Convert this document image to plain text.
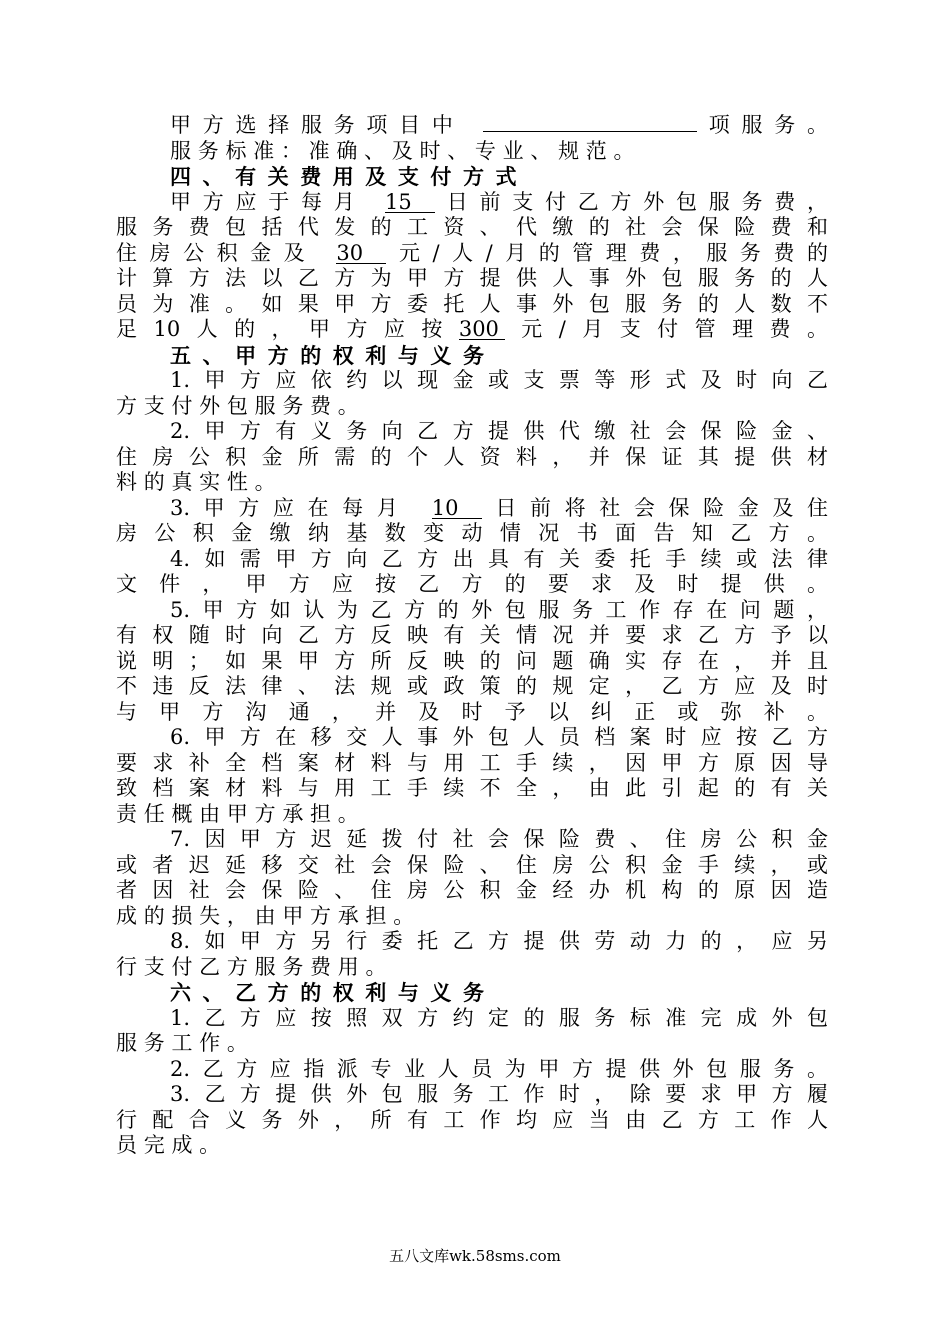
甲方选择服务项目中	项服务。
服务标准：准确、及时、专业、规范。
四、有关费用及支付方式
甲方应于每月 15 日前支付乙方外包服务费，
服务费包括代发的工资、代缴的社会保险费和
住房公积金及 30 元/人/月的管理费，服务费的
计算方法以乙方为甲方提供人事外包服务的人
员为准。如果甲方委托人事外包服务的人数不
足10人的，甲方应按300 元/月支付管理费。
五、甲方的权利与义务
1.甲方应依约以现金或支票等形式及时向乙
方支付外包服务费。
2.甲方有义务向乙方提供代缴社会保险金、
住房公积金所需的个人资料，并保证其提供材
料的真实性。
3.甲方应在每月 10 日前将社会保险金及住
房公积金缴纳基数变动情况书面告知乙方。
4.如需甲方向乙方出具有关委托手续或法律
文件，甲方应按乙方的要求及时提供。
5.甲方如认为乙方的外包服务工作存在问题，
有权随时向乙方反映有关情况并要求乙方予以
说明；如果甲方所反映的问题确实存在，并且
不违反法律、法规或政策的规定，乙方应及时
与甲方沟通，并及时予以纠正或弥补。
6.甲方在移交人事外包人员档案时应按乙方
要求补全档案材料与用工手续，因甲方原因导
致档案材料与用工手续不全，由此引起的有关
责任概由甲方承担。
7.因甲方迟延拨付社会保险费、住房公积金
或者迟延移交社会保险、住房公积金手续，或
者因社会保险、住房公积金经办机构的原因造
成的损失，由甲方承担。
8.如甲方另行委托乙方提供劳动力的，应另
行支付乙方服务费用。
六、乙方的权利与义务
1.乙方应按照双方约定的服务标准完成外包
服务工作。
2.乙方应指派专业人员为甲方提供外包服务。
3.乙方提供外包服务工作时，除要求甲方履
行配合义务外，所有工作均应当由乙方工作人
员完成。
五八文库wk.58sms.com
